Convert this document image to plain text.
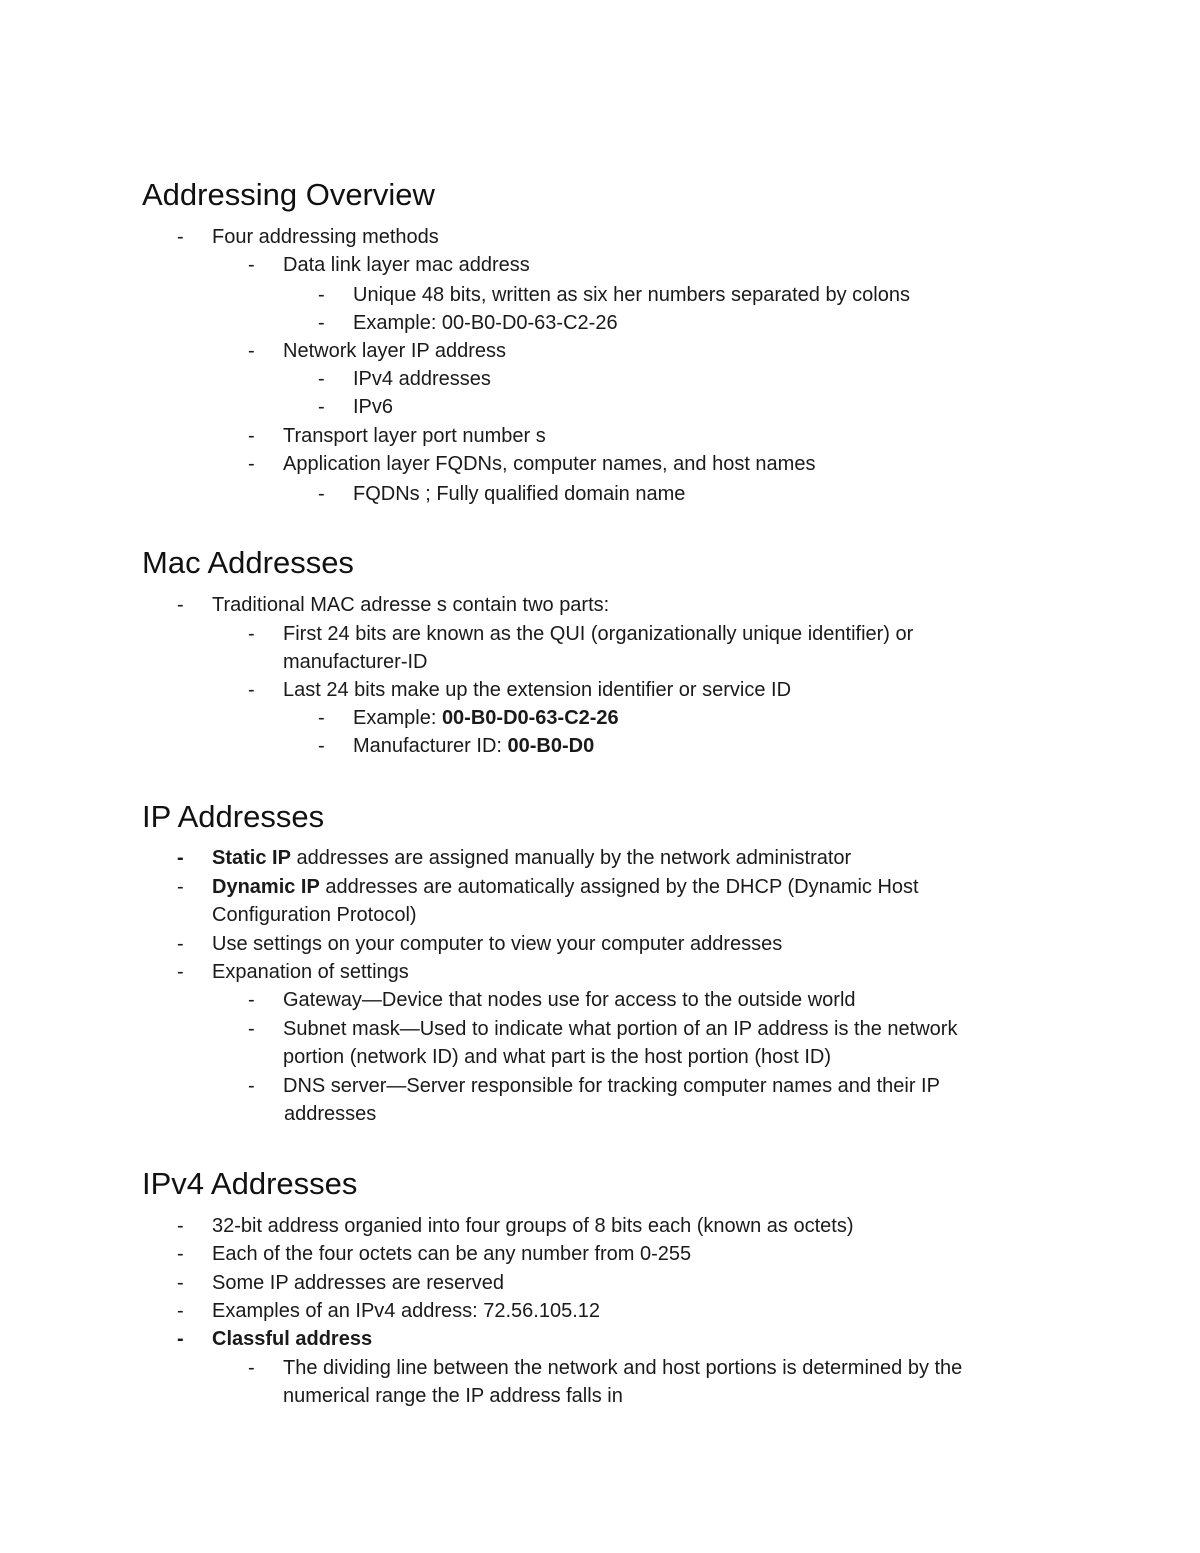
Addressing Overview
- Four addressing methods
- Data link layer mac address
- Unique 48 bits, written as six her numbers separated by colons
- Example: 00-B0-D0-63-C2-26
- Network layer IP address
- IPv4 addresses
- IPv6
- Transport layer port number s
- Application layer FQDNs, computer names, and host names
- FQDNs ; Fully qualified domain name
Mac Addresses
- Traditional MAC adresse s contain two parts:
- First 24 bits are known as the QUI (organizationally unique identifier) or
manufacturer-ID
- Last 24 bits make up the extension identifier or service ID
- Example: 00-B0-D0-63-C2-26
- Manufacturer ID: 00-B0-D0
IP Addresses
- Static IP addresses are assigned manually by the network administrator
- Dynamic IP addresses are automatically assigned by the DHCP (Dynamic Host
Configuration Protocol)
- Use settings on your computer to view your computer addresses
- Expanation of settings
- Gateway—Device that nodes use for access to the outside world
- Subnet mask—Used to indicate what portion of an IP address is the network
portion (network ID) and what part is the host portion (host ID)
- DNS server—Server responsible for tracking computer names and their IP
addresses
IPv4 Addresses
- 32-bit address organied into four groups of 8 bits each (known as octets)
- Each of the four octets can be any number from 0-255
- Some IP addresses are reserved
- Examples of an IPv4 address: 72.56.105.12
- Classful address
- The dividing line between the network and host portions is determined by the
numerical range the IP address falls in
